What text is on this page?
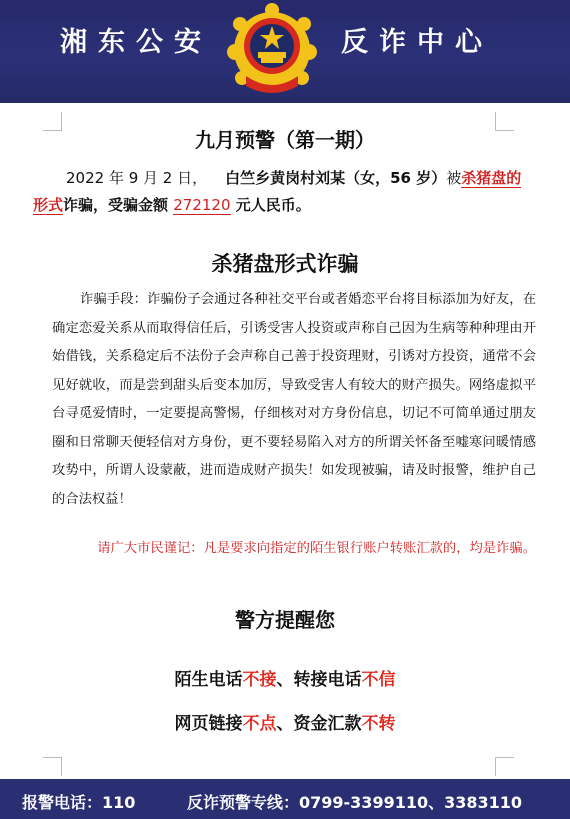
湘东公安	反诈中心
九月预警（第一期）
2022 年 9 月 2 日， 白竺乡黄岗村刘某（女，56 岁）被杀猪盘的
形式诈骗，受骗金额 272120 元人民币。
杀猪盘形式诈骗
诈骗手段：诈骗份子会通过各种社交平台或者婚恋平台将目标添加为好友，在确定恋爱关系从而取得信任后，引诱受害人投资或声称自己因为生病等种种理由开始借钱，关系稳定后不法份子会声称自己善于投资理财，引诱对方投资，通常不会见好就收，而是尝到甜头后变本加厉，导致受害人有较大的财产损失。网络虚拟平台寻觅爱情时，一定要提高警惕，仔细核对对方身份信息，切记不可简单通过朋友圈和日常聊天便轻信对方身份，更不要轻易陷入对方的所谓关怀备至嘘寒问暖情感攻势中，所谓人设蒙蔽，进而造成财产损失！如发现被骗，请及时报警，维护自己的合法权益！
请广大市民谨记：凡是要求向指定的陌生银行账户转账汇款的，均是诈骗。
警方提醒您
陌生电话不接、转接电话不信
网页链接不点、资金汇款不转
报警电话：110	反诈预警专线：0799-3399110、3383110
